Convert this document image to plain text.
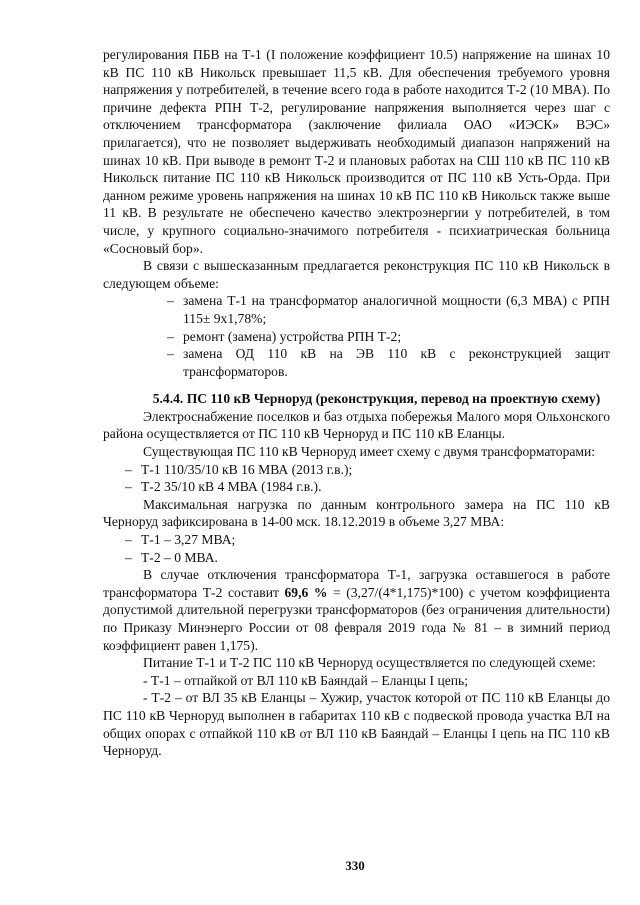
регулирования ПБВ на Т-1 (I положение коэффициент 10.5) напряжение на шинах 10 кВ ПС 110 кВ Никольск превышает 11,5 кВ. Для обеспечения требуемого уровня напряжения у потребителей, в течение всего года в работе находится Т-2 (10 МВА). По причине дефекта РПН Т-2, регулирование напряжения выполняется через шаг с отключением трансформатора (заключение филиала ОАО «ИЭСК» ВЭС» прилагается), что не позволяет выдерживать необходимый диапазон напряжений на шинах 10 кВ. При выводе в ремонт Т-2 и плановых работах на СШ 110 кВ ПС 110 кВ Никольск питание ПС 110 кВ Никольск производится от ПС 110 кВ Усть-Орда. При данном режиме уровень напряжения на шинах 10 кВ ПС 110 кВ Никольск также выше 11 кВ. В результате не обеспечено качество электроэнергии у потребителей, в том числе, у крупного социально-значимого потребителя - психиатрическая больница «Сосновый бор».

В связи с вышесказанным предлагается реконструкция ПС 110 кВ Никольск в следующем объеме:

– замена Т-1 на трансформатор аналогичной мощности (6,3 МВА) с РПН 115± 9х1,78%;
– ремонт (замена) устройства РПН Т-2;
– замена ОД 110 кВ на ЭВ 110 кВ с реконструкцией защит трансформаторов.
5.4.4. ПС 110 кВ Черноруд (реконструкция, перевод на проектную схему)

Электроснабжение поселков и баз отдыха побережья Малого моря Ольхонского района осуществляется от ПС 110 кВ Черноруд и ПС 110 кВ Еланцы.

Существующая ПС 110 кВ Черноруд имеет схему с двумя трансформаторами:

– Т-1 110/35/10 кВ 16 МВА (2013 г.в.);
– Т-2 35/10 кВ 4 МВА (1984 г.в.).

Максимальная нагрузка по данным контрольного замера на ПС 110 кВ Черноруд зафиксирована в 14-00 мск. 18.12.2019 в объеме 3,27 МВА:

– Т-1 – 3,27 МВА;
– Т-2 – 0 МВА.

В случае отключения трансформатора Т-1, загрузка оставшегося в работе трансформатора Т-2 составит 69,6 % = (3,27/(4*1,175)*100) с учетом коэффициента допустимой длительной перегрузки трансформаторов (без ограничения длительности) по Приказу Минэнерго России от 08 февраля 2019 года № 81 – в зимний период коэффициент равен 1,175).

Питание Т-1 и Т-2 ПС 110 кВ Черноруд осуществляется по следующей схеме:

- Т-1 – отпайкой от ВЛ 110 кВ Баяндай – Еланцы I цепь;

- Т-2 – от ВЛ 35 кВ Еланцы – Хужир, участок которой от ПС 110 кВ Еланцы до ПС 110 кВ Черноруд выполнен в габаритах 110 кВ с подвеской провода участка ВЛ на общих опорах с отпайкой 110 кВ от ВЛ 110 кВ Баяндай – Еланцы I цепь на ПС 110 кВ Черноруд.

330
